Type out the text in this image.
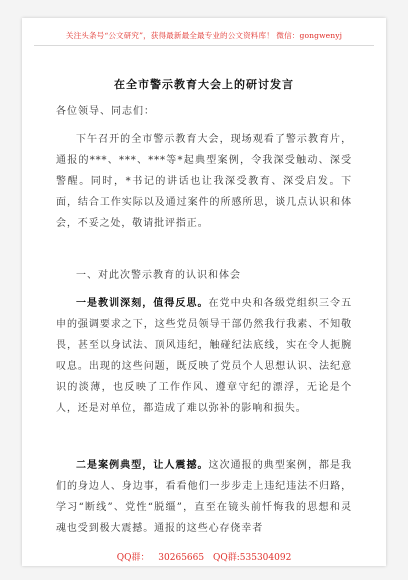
关注头条号“公文研究”，获得最新最全最专业的公文资料库！ 微信：gongwenyj
在全市警示教育大会上的研讨发言
各位领导、同志们：

下午召开的全市警示教育大会，现场观看了警示教育片，通报的***、***、***等*起典型案例，令我深受触动、深受警醒。同时，*书记的讲话也让我深受教育、深受启发。下面，结合工作实际以及通过案件的所感所思，谈几点认识和体会，不妥之处，敬请批评指正。

一、对此次警示教育的认识和体会

一是教训深刻，值得反思。在党中央和各级党组织三令五申的强调要求之下，这些党员领导干部仍然我行我素、不知敬畏，甚至以身试法、顶风违纪，触碰纪法底线，实在令人扼腕叹息。出现的这些问题，既反映了党员个人思想认识、法纪意识的淡薄，也反映了工作作风、遵章守纪的漂浮，无论是个人，还是对单位，都造成了难以弥补的影响和损失。

二是案例典型，让人震撼。这次通报的典型案例，都是我们的身边人、身边事，看看他们一步步走上违纪违法不归路，学习“断线”、党性“脱缰”，直至在镜头前忏悔我的思想和灵魂也受到极大震撼。通报的这些心存侥幸者

QQ群： 30265665 QQ群:535304092
